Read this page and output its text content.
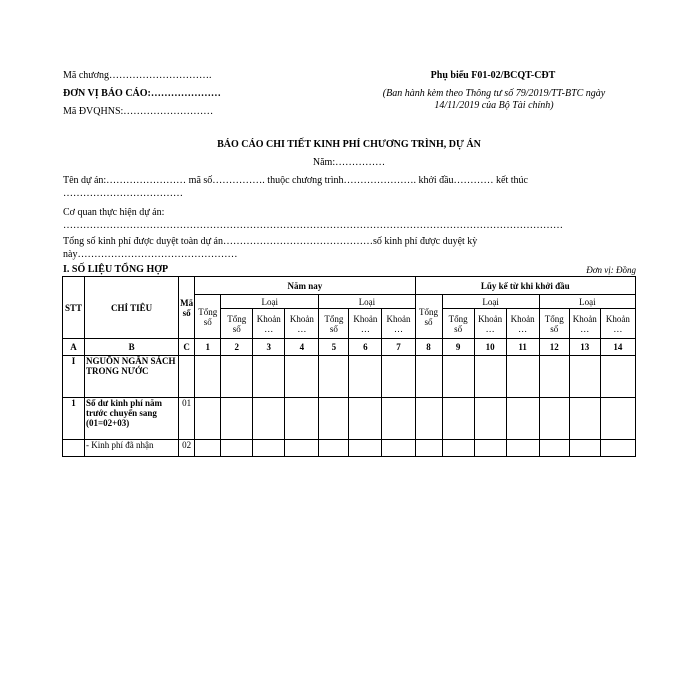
Mã chương………………………….
ĐƠN VỊ BÁO CÁO:…………………
Mã ĐVQHNS:………………………
Phụ biểu F01-02/BCQT-CĐT
(Ban hành kèm theo Thông tư số 79/2019/TT-BTC ngày
14/11/2019 của Bộ Tài chính)
BÁO CÁO CHI TIẾT KINH PHÍ CHƯƠNG TRÌNH, DỰ ÁN
Năm:……………
Tên dự án:…………………… mã số……………. thuộc chương trình…………………. khởi đầu………… kết thúc
………………………………
Cơ quan thực hiện dự án:
……………………………………………………………………………………………………………………………………
Tổng số kinh phí được duyệt toàn dự án………………………………………số kinh phí được duyệt kỳ
này…………………………………………
I. SỐ LIỆU TỔNG HỢP	Đơn vị: Đồng
STT	CHỈ TIÊU	Mã số	Năm nay							Lũy kế từ khi khởi đầu						
			Tổng số	Loại			Loại			Tổng số	Loại			Loại		
				Tổng số	Khoản …	Khoản …	Tổng số	Khoản …	Khoản …		Tổng số	Khoản …	Khoản …	Tổng số	Khoản …	Khoản …
A	B	C	1	2	3	4	5	6	7	8	9	10	11	12	13	14
I	NGUỒN NGÂN SÁCH TRONG NƯỚC															
1	Số dư kinh phí năm trước chuyển sang (01=02+03)	01														
	- Kinh phí đã nhận	02														
